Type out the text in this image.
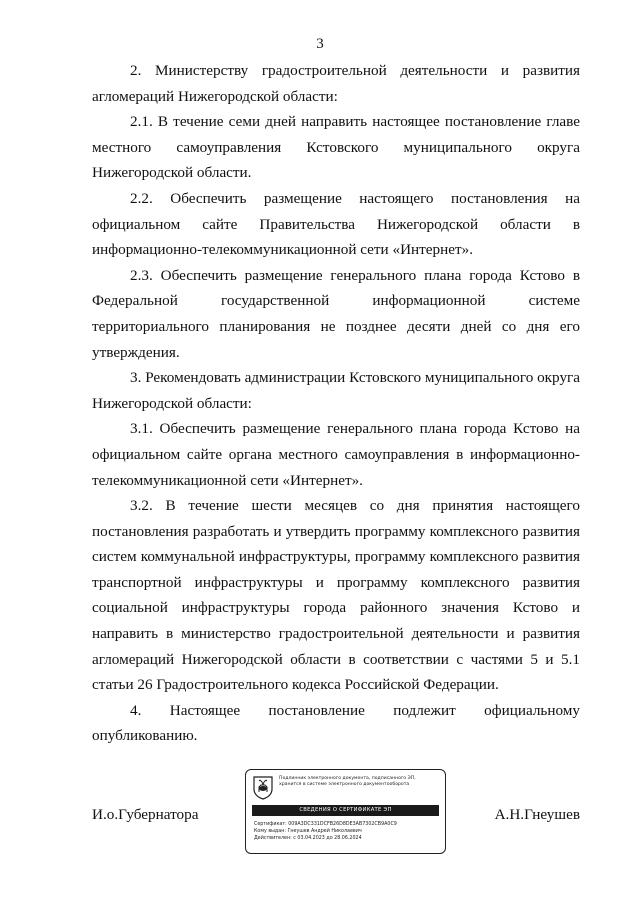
3

2. Министерству градостроительной деятельности и развития агломераций Нижегородской области:

2.1. В течение семи дней направить настоящее постановление главе местного самоуправления Кстовского муниципального округа Нижегородской области.

2.2. Обеспечить размещение настоящего постановления на официальном сайте Правительства Нижегородской области в информационно-телекоммуникационной сети «Интернет».

2.3. Обеспечить размещение генерального плана города Кстово в Федеральной государственной информационной системе территориального планирования не позднее десяти дней со дня его утверждения.

3. Рекомендовать администрации Кстовского муниципального округа Нижегородской области:

3.1. Обеспечить размещение генерального плана города Кстово на официальном сайте органа местного самоуправления в информационно-телекоммуникационной сети «Интернет».

3.2. В течение шести месяцев со дня принятия настоящего постановления разработать и утвердить программу комплексного развития систем коммунальной инфраструктуры, программу комплексного развития транспортной инфраструктуры и программу комплексного развития социальной инфраструктуры города районного значения Кстово и направить в министерство градостроительной деятельности и развития агломераций Нижегородской области в соответствии с частями 5 и 5.1 статьи 26 Градостроительного кодекса Российской Федерации.

4. Настоящее постановление подлежит официальному опубликованию.

И.о.Губернатора	А.Н.Гнеушев
Подлинник электронного документа, подписанного ЭП,
хранится в системе электронного документооборота
СВЕДЕНИЯ О СЕРТИФИКАТЕ ЭП
Сертификат: 009A3DC331DCFB26D8DE3AB7302CB9A0C9
Кому выдан: Гнеушев Андрей Николаевич
Действителен: с 03.04.2023 до 28.06.2024
